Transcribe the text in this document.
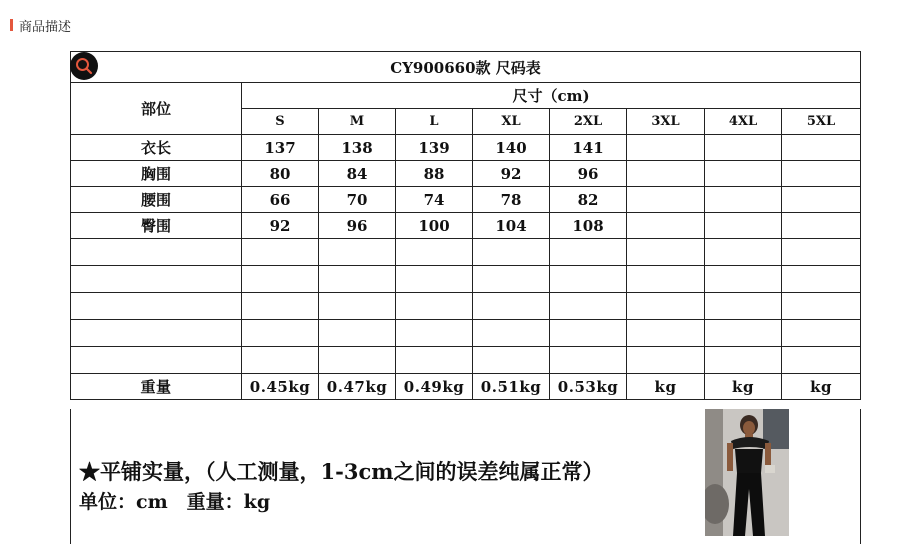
商品描述
CY900660款 尺码表								
部位	尺寸（cm)							
	S	M	L	XL	2XL	3XL	4XL	5XL
衣长	137	138	139	140	141			
胸围	80	84	88	92	96			
腰围	66	70	74	78	82			
臀围	92	96	100	104	108			

重量	0.45kg	0.47kg	0.49kg	0.51kg	0.53kg	kg	kg	kg
★平铺实量，（人工测量，1-3cm之间的误差纯属正常）
单位：cm　重量：kg
